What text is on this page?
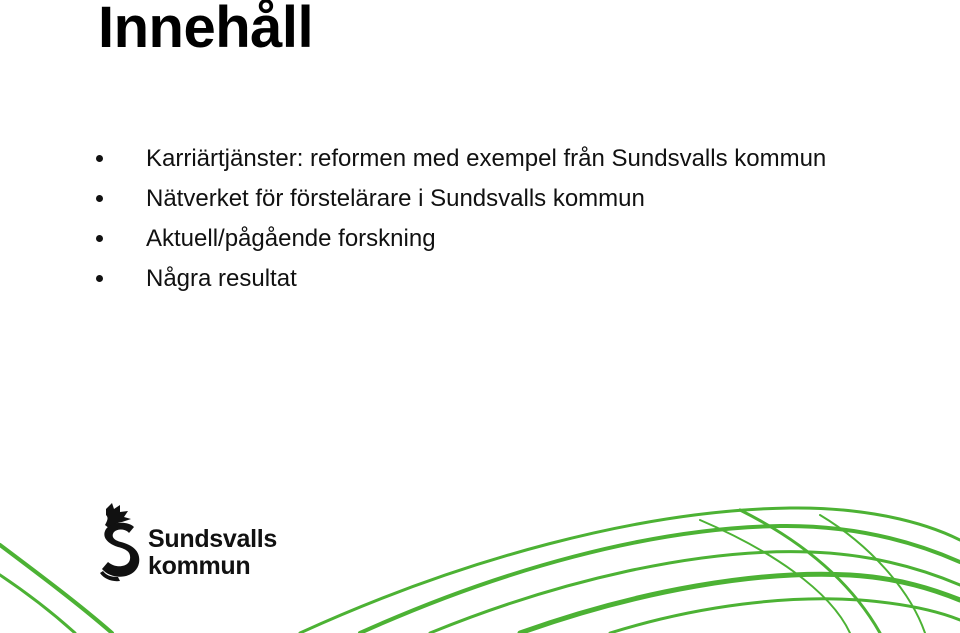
Innehåll
Karriärtjänster: reformen med exempel från Sundsvalls kommun
Nätverket för förstelärare i Sundsvalls kommun
Aktuell/pågående forskning
Några resultat
Sundsvalls
kommun
